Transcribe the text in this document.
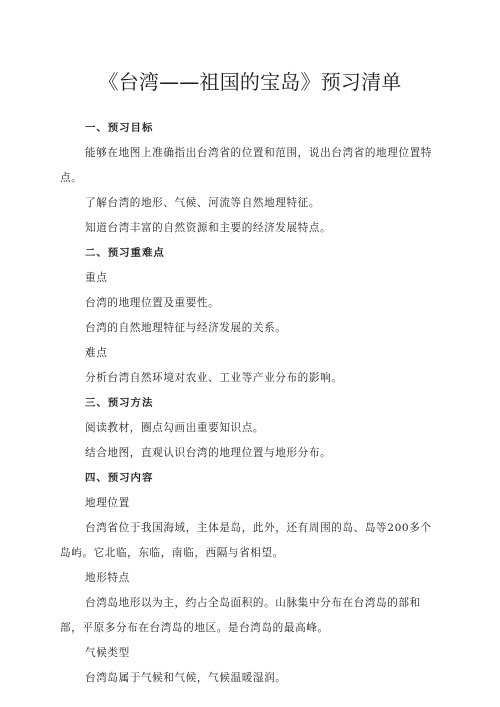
《台湾——祖国的宝岛》预习清单
一、预习目标
能够在地图上准确指出台湾省的位置和范围，说出台湾省的地理位置特点。
了解台湾的地形、气候、河流等自然地理特征。
知道台湾丰富的自然资源和主要的经济发展特点。
二、预习重难点
重点
台湾的地理位置及重要性。
台湾的自然地理特征与经济发展的关系。
难点
分析台湾自然环境对农业、工业等产业分布的影响。
三、预习方法
阅读教材，圈点勾画出重要知识点。
结合地图，直观认识台湾的地理位置与地形分布。
四、预习内容
地理位置
台湾省位于我国海域，主体是岛，此外，还有周围的岛、岛等200多个岛屿。它北临，东临，南临，西隔与省相望。
地形特点
台湾岛地形以为主，约占全岛面积的。山脉集中分布在台湾岛的部和部，平原多分布在台湾岛的地区。是台湾岛的最高峰。
气候类型
台湾岛属于气候和气候，气候温暖湿润。
